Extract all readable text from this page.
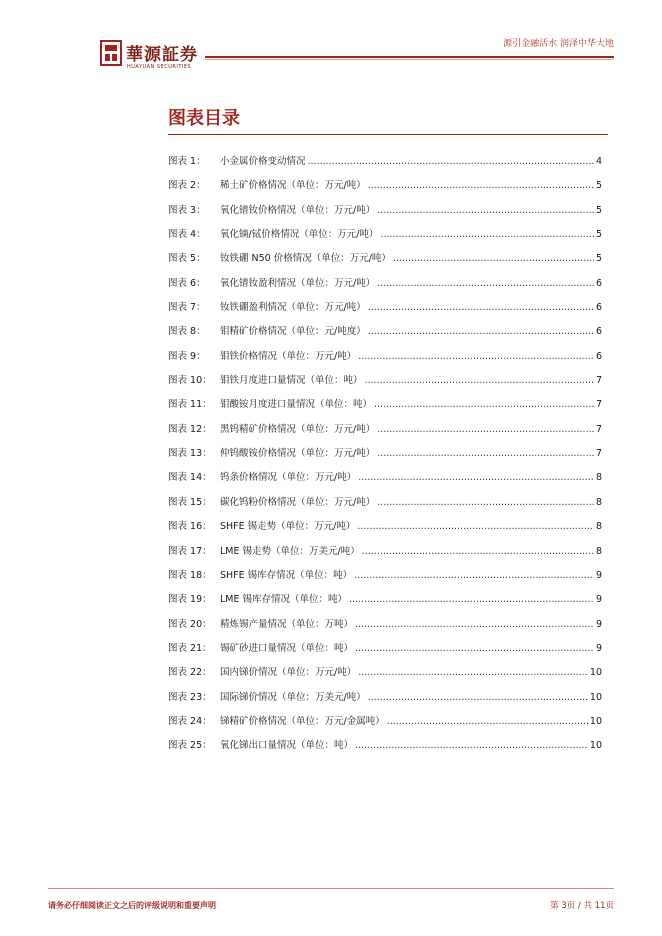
華源証券
HUAYUAN SECURITIES
源引金融活水 润泽中华大地
图表目录
图表 1：	小金属价格变动情况 .....	4
图表 2：	稀土矿价格情况（单位：万元/吨） .....	5
图表 3：	氧化镨钕价格情况（单位：万元/吨） .....	5
图表 4：	氧化镝/铽价格情况（单位：万元/吨） .....	5
图表 5：	钕铁硼 N50 价格情况（单位：万元/吨） .....	5
图表 6：	氧化镨钕盈利情况（单位：万元/吨） .....	6
图表 7：	钕铁硼盈利情况（单位：万元/吨） .....	6
图表 8：	钼精矿价格情况（单位：元/吨度） .....	6
图表 9：	钼铁价格情况（单位：万元/吨） .....	6
图表 10： 钼铁月度进口量情况（单位：吨） .....	7
图表 11： 钼酸铵月度进口量情况（单位：吨） .....	7
图表 12： 黑钨精矿价格情况（单位：万元/吨） .....	7
图表 13： 仲钨酸铵价格情况（单位：万元/吨） .....	7
图表 14： 钨条价格情况（单位：万元/吨） .....	8
图表 15： 碳化钨粉价格情况（单位：万元/吨） .....	8
图表 16： SHFE 锡走势（单位：万元/吨） .....	8
图表 17： LME 锡走势（单位：万美元/吨） .....	8
图表 18： SHFE 锡库存情况（单位：吨） .....	9
图表 19： LME 锡库存情况（单位：吨） .....	9
图表 20： 精炼锡产量情况（单位：万吨） .....	9
图表 21： 锡矿砂进口量情况（单位：吨） .....	9
图表 22： 国内锑价情况（单位：万元/吨） .....	10
图表 23： 国际锑价情况（单位：万美元/吨） .....	10
图表 24： 锑精矿价格情况（单位：万元/金属吨） .....	10
图表 25： 氧化锑出口量情况（单位：吨） .....	10
请务必仔细阅读正文之后的评级说明和重要声明	第 3页 / 共 11页
